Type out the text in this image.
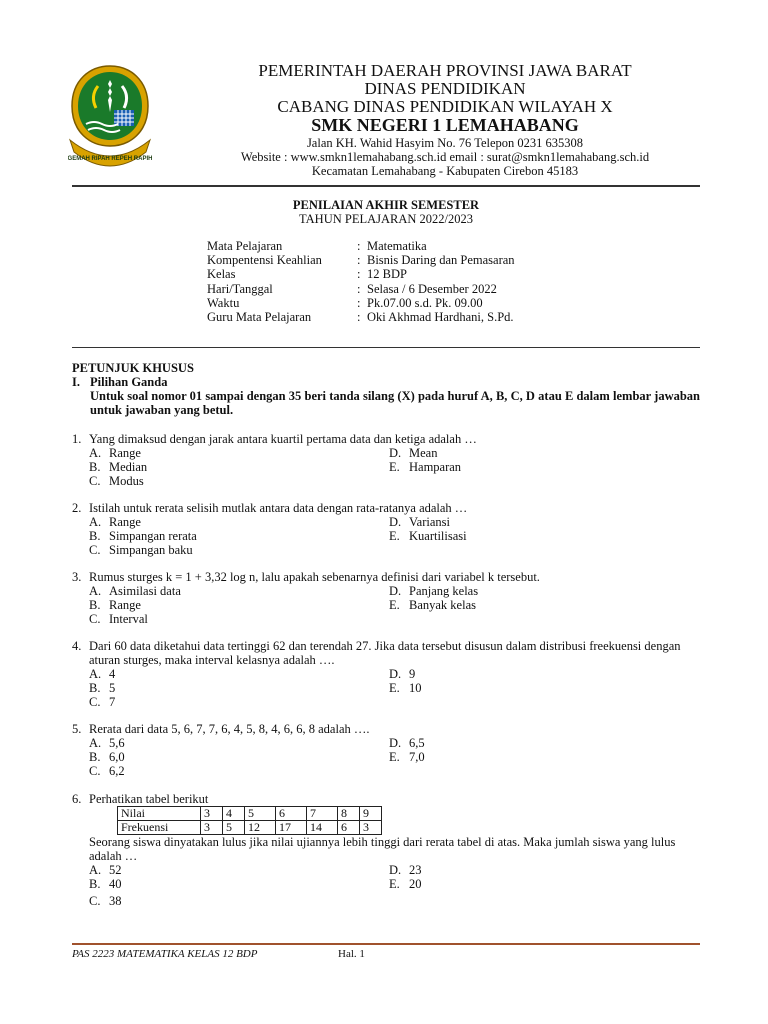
GEMAH RIPAH REPEH RAPIH
PEMERINTAH DAERAH PROVINSI JAWA BARAT
DINAS PENDIDIKAN
CABANG DINAS PENDIDIKAN WILAYAH X
SMK NEGERI 1 LEMAHABANG
Jalan KH. Wahid Hasyim No. 76 Telepon 0231 635308
Website : www.smkn1lemahabang.sch.id email : surat@smkn1lemahabang.sch.id
Kecamatan Lemahabang - Kabupaten Cirebon 45183
PENILAIAN AKHIR SEMESTER
TAHUN PELAJARAN 2022/2023
Mata Pelajaran	:	Matematika
Kompentensi Keahlian	:	Bisnis Daring dan Pemasaran
Kelas	:	12 BDP
Hari/Tanggal	:	Selasa / 6 Desember 2022
Waktu	:	Pk.07.00 s.d. Pk. 09.00
Guru Mata Pelajaran	:	Oki Akhmad Hardhani, S.Pd.
PETUNJUK KHUSUS
I. Pilihan Ganda
Untuk soal nomor 01 sampai dengan 35 beri tanda silang (X) pada huruf A, B, C, D atau E dalam lembar jawaban untuk jawaban yang betul.
1. Yang dimaksud dengan jarak antara kuartil pertama data dan ketiga adalah …
A. Range	D. Mean
B. Median	E. Hamparan
C. Modus
2. Istilah untuk rerata selisih mutlak antara data dengan rata-ratanya adalah …
A. Range	D. Variansi
B. Simpangan rerata	E. Kuartilisasi
C. Simpangan baku
3. Rumus sturges k = 1 + 3,32 log n, lalu apakah sebenarnya definisi dari variabel k tersebut.
A. Asimilasi data	D. Panjang kelas
B. Range	E. Banyak kelas
C. Interval
4. Dari 60 data diketahui data tertinggi 62 dan terendah 27. Jika data tersebut disusun dalam distribusi freekuensi dengan aturan sturges, maka interval kelasnya adalah ….
A. 4	D. 9
B. 5	E. 10
C. 7
5. Rerata dari data 5, 6, 7, 7, 6, 4, 5, 8, 4, 6, 6, 8 adalah ….
A. 5,6	D. 6,5
B. 6,0	E. 7,0
C. 6,2
6. Perhatikan tabel berikut
Nilai	3	4	5	6	7	8	9
Frekuensi	3	5	12	17	14	6	3
Seorang siswa dinyatakan lulus jika nilai ujiannya lebih tinggi dari rerata tabel di atas. Maka jumlah siswa yang lulus adalah …
A. 52	D. 23
B. 40	E. 20
C. 38
PAS 2223 MATEMATIKA KELAS 12 BDP	Hal. 1
